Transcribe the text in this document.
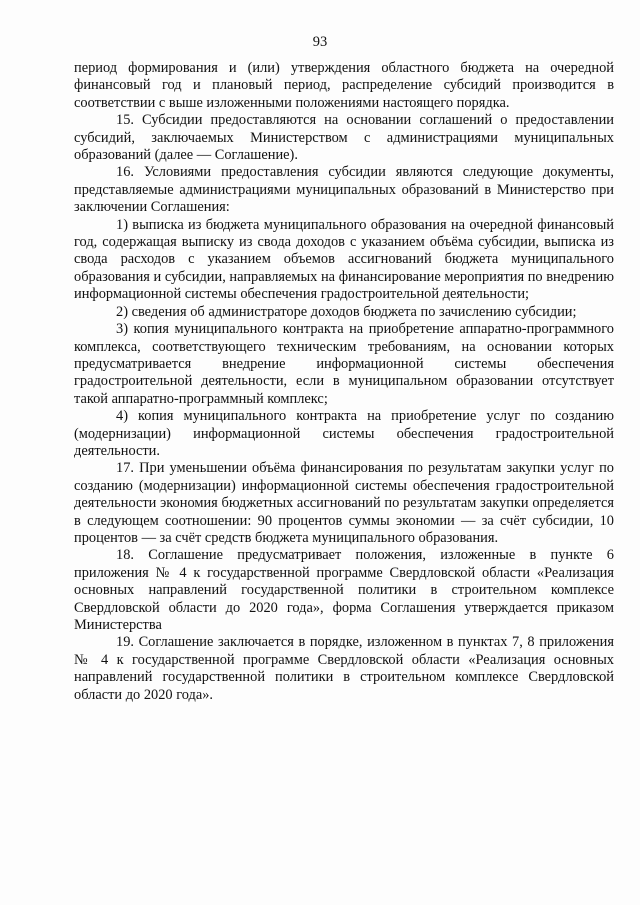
93

период формирования и (или) утверждения областного бюджета на очередной финансовый год и плановый период, распределение субсидий производится в соответствии с выше изложенными положениями настоящего порядка.

15. Субсидии предоставляются на основании соглашений о предоставлении субсидий, заключаемых Министерством с администрациями муниципальных образований (далее — Соглашение).

16. Условиями предоставления субсидии являются следующие документы, представляемые администрациями муниципальных образований в Министерство при заключении Соглашения:

1) выписка из бюджета муниципального образования на очередной финансовый год, содержащая выписку из свода доходов с указанием объёма субсидии, выписка из свода расходов с указанием объемов ассигнований бюджета муниципального образования и субсидии, направляемых на финансирование мероприятия по внедрению информационной системы обеспечения градостроительной деятельности;

2) сведения об администраторе доходов бюджета по зачислению субсидии;

3) копия муниципального контракта на приобретение аппаратно-программного комплекса, соответствующего техническим требованиям, на основании которых предусматривается внедрение информационной системы обеспечения градостроительной деятельности, если в муниципальном образовании отсутствует такой аппаратно-программный комплекс;

4) копия муниципального контракта на приобретение услуг по созданию (модернизации) информационной системы обеспечения градостроительной деятельности.

17. При уменьшении объёма финансирования по результатам закупки услуг по созданию (модернизации) информационной системы обеспечения градостроительной деятельности экономия бюджетных ассигнований по результатам закупки определяется в следующем соотношении: 90 процентов суммы экономии — за счёт субсидии, 10 процентов — за счёт средств бюджета муниципального образования.

18. Соглашение предусматривает положения, изложенные в пункте 6 приложения № 4 к государственной программе Свердловской области «Реализация основных направлений государственной политики в строительном комплексе Свердловской области до 2020 года», форма Соглашения утверждается приказом Министерства

19. Соглашение заключается в порядке, изложенном в пунктах 7, 8 приложения № 4 к государственной программе Свердловской области «Реализация основных направлений государственной политики в строительном комплексе Свердловской области до 2020 года».
